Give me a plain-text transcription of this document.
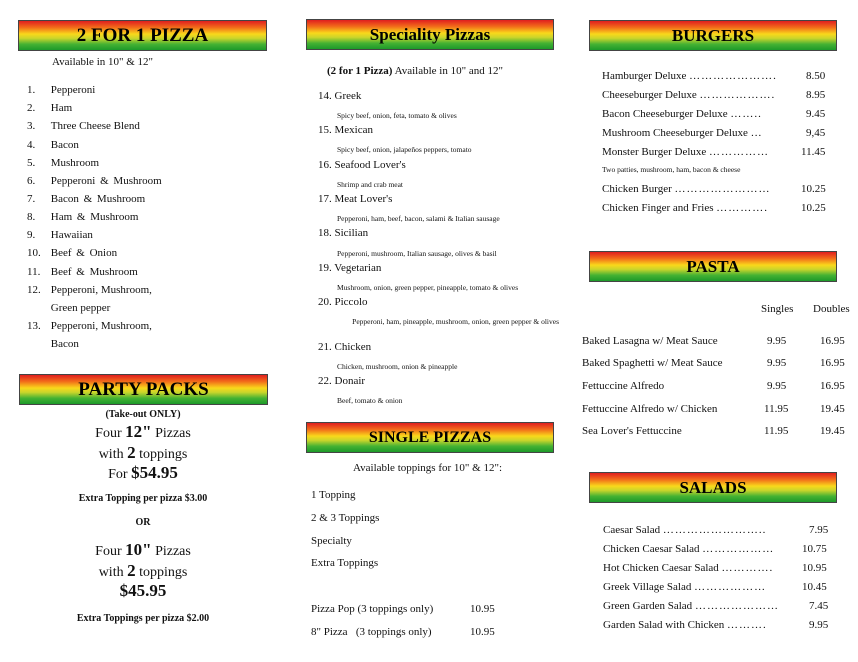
2 FOR 1 PIZZA
Available in 10" & 12"
1. Pepperoni
2. Ham
3. Three Cheese Blend
4. Bacon
5. Mushroom
6. Pepperoni & Mushroom
7. Bacon & Mushroom
8. Ham & Mushroom
9. Hawaiian
10. Beef & Onion
11. Beef & Mushroom
12. Pepperoni, Mushroom,
Green pepper
13. Pepperoni, Mushroom,
Bacon
PARTY PACKS
(Take-out ONLY)
Four 12" Pizzas
with 2 toppings
For $54.95
Extra Topping per pizza $3.00
OR
Four 10" Pizzas
with 2 toppings
$45.95
Extra Toppings per pizza $2.00
Speciality Pizzas
(2 for 1 Pizza) Available in 10" and 12"
14. Greek
Spicy beef, onion, feta, tomato & olives
15. Mexican
Spicy beef, onion, jalapeños peppers, tomato
16. Seafood Lover's
Shrimp and crab meat
17. Meat Lover's
Pepperoni, ham, beef, bacon, salami & Italian sausage
18. Sicilian
Pepperoni, mushroom, Italian sausage, olives & basil
19. Vegetarian
Mushroom, onion, green pepper, pineapple, tomato & olives
20. Piccolo
Pepperoni, ham, pineapple, mushroom, onion, green pepper & olives
21. Chicken
Chicken, mushroom, onion & pineapple
22. Donair
Beef, tomato & onion
SINGLE PIZZAS
Available toppings for 10" & 12":
1 Topping
2 & 3 Toppings
Specialty
Extra Toppings
Pizza Pop (3 toppings only)	10.95
8" Pizza (3 toppings only)	10.95
BURGERS
Hamburger Deluxe ………………….	8.50
Cheeseburger Deluxe ……………….	8.95
Bacon Cheeseburger Deluxe ……..	9.45
Mushroom Cheeseburger Deluxe …	9,45
Monster Burger Deluxe ……………	11.45
Two patties, mushroom, ham, bacon & cheese
Chicken Burger ……………………	10.25
Chicken Finger and Fries ………….	10.25
PASTA
Singles Doubles
Baked Lasagna w/ Meat Sauce	9.95	16.95
Baked Spaghetti w/ Meat Sauce	9.95	16.95
Fettuccine Alfredo	9.95	16.95
Fettuccine Alfredo w/ Chicken	11.95	19.45
Sea Lover's Fettuccine	11.95	19.45
SALADS
Caesar Salad ……………………..	7.95
Chicken Caesar Salad ………………	10.75
Hot Chicken Caesar Salad ………….	10.95
Greek Village Salad ………………	10.45
Green Garden Salad …………………	7.45
Garden Salad with Chicken ……….	9.95
